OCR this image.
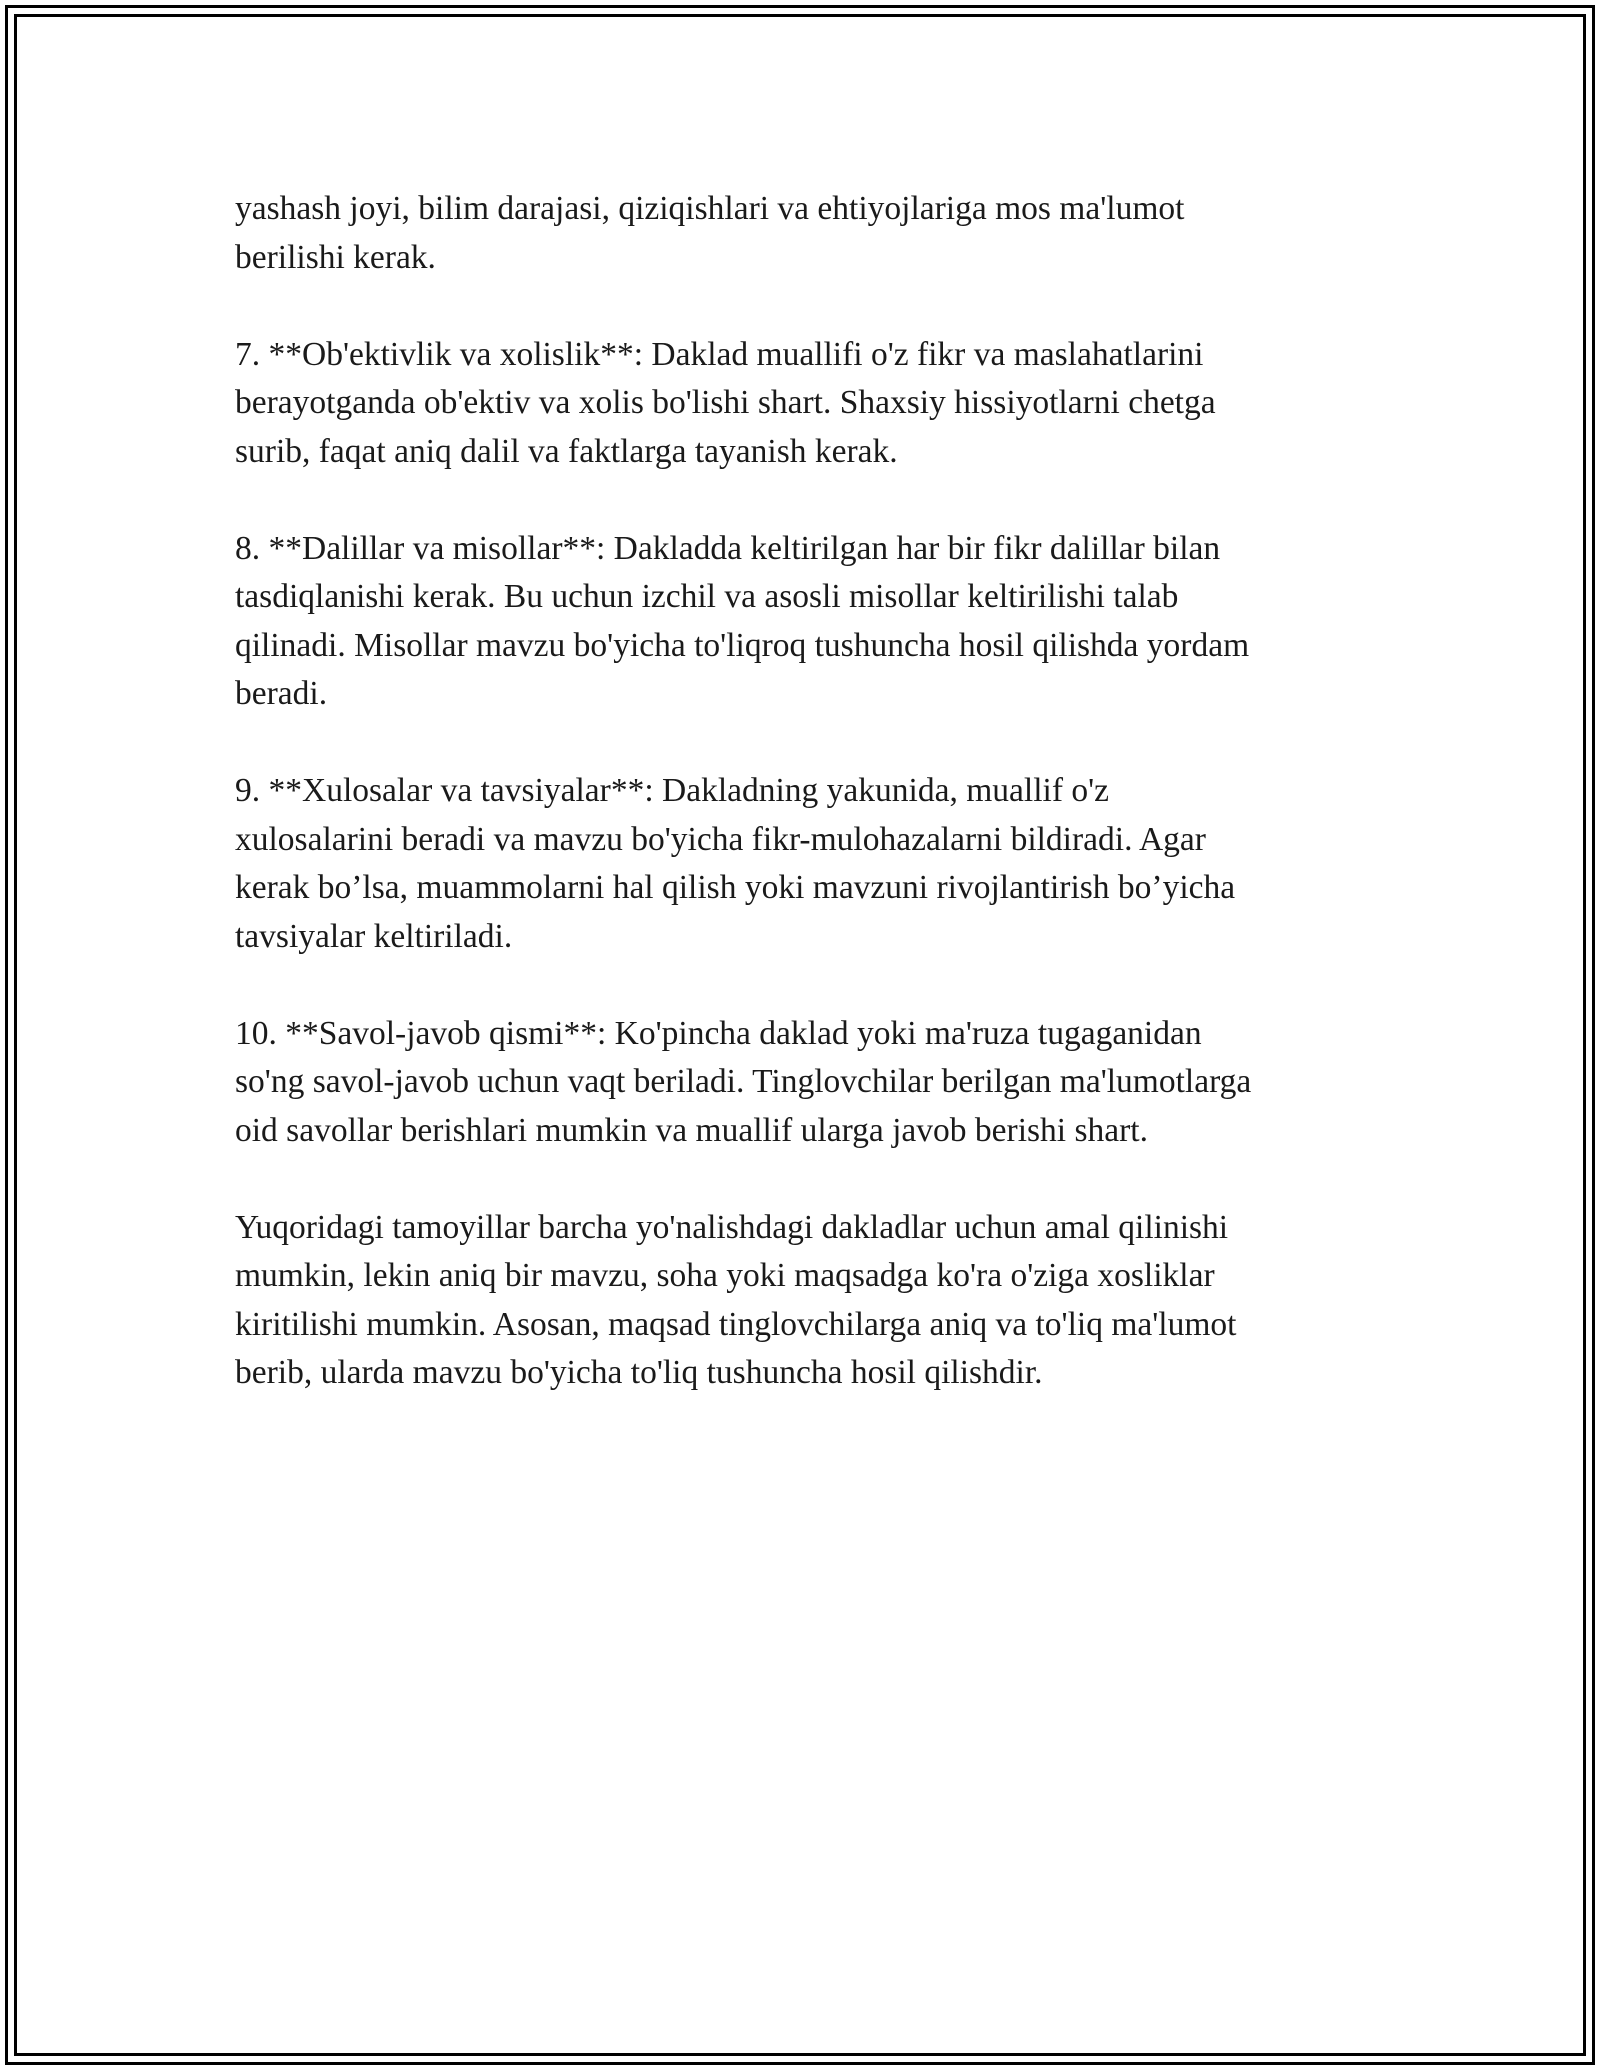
yashash joyi, bilim darajasi, qiziqishlari va ehtiyojlariga mos ma'lumot
berilishi kerak.

7. **Ob'ektivlik va xolislik**: Daklad muallifi o'z fikr va maslahatlarini
berayotganda ob'ektiv va xolis bo'lishi shart. Shaxsiy hissiyotlarni chetga
surib, faqat aniq dalil va faktlarga tayanish kerak.

8. **Dalillar va misollar**: Dakladda keltirilgan har bir fikr dalillar bilan
tasdiqlanishi kerak. Bu uchun izchil va asosli misollar keltirilishi talab
qilinadi. Misollar mavzu bo'yicha to'liqroq tushuncha hosil qilishda yordam
beradi.

9. **Xulosalar va tavsiyalar**: Dakladning yakunida, muallif o'z
xulosalarini beradi va mavzu bo'yicha fikr-mulohazalarni bildiradi. Agar
kerak bo’lsa, muammolarni hal qilish yoki mavzuni rivojlantirish bo’yicha
tavsiyalar keltiriladi.

10. **Savol-javob qismi**: Ko'pincha daklad yoki ma'ruza tugaganidan
so'ng savol-javob uchun vaqt beriladi. Tinglovchilar berilgan ma'lumotlarga
oid savollar berishlari mumkin va muallif ularga javob berishi shart.

Yuqoridagi tamoyillar barcha yo'nalishdagi dakladlar uchun amal qilinishi
mumkin, lekin aniq bir mavzu, soha yoki maqsadga ko'ra o'ziga xosliklar
kiritilishi mumkin. Asosan, maqsad tinglovchilarga aniq va to'liq ma'lumot
berib, ularda mavzu bo'yicha to'liq tushuncha hosil qilishdir.
